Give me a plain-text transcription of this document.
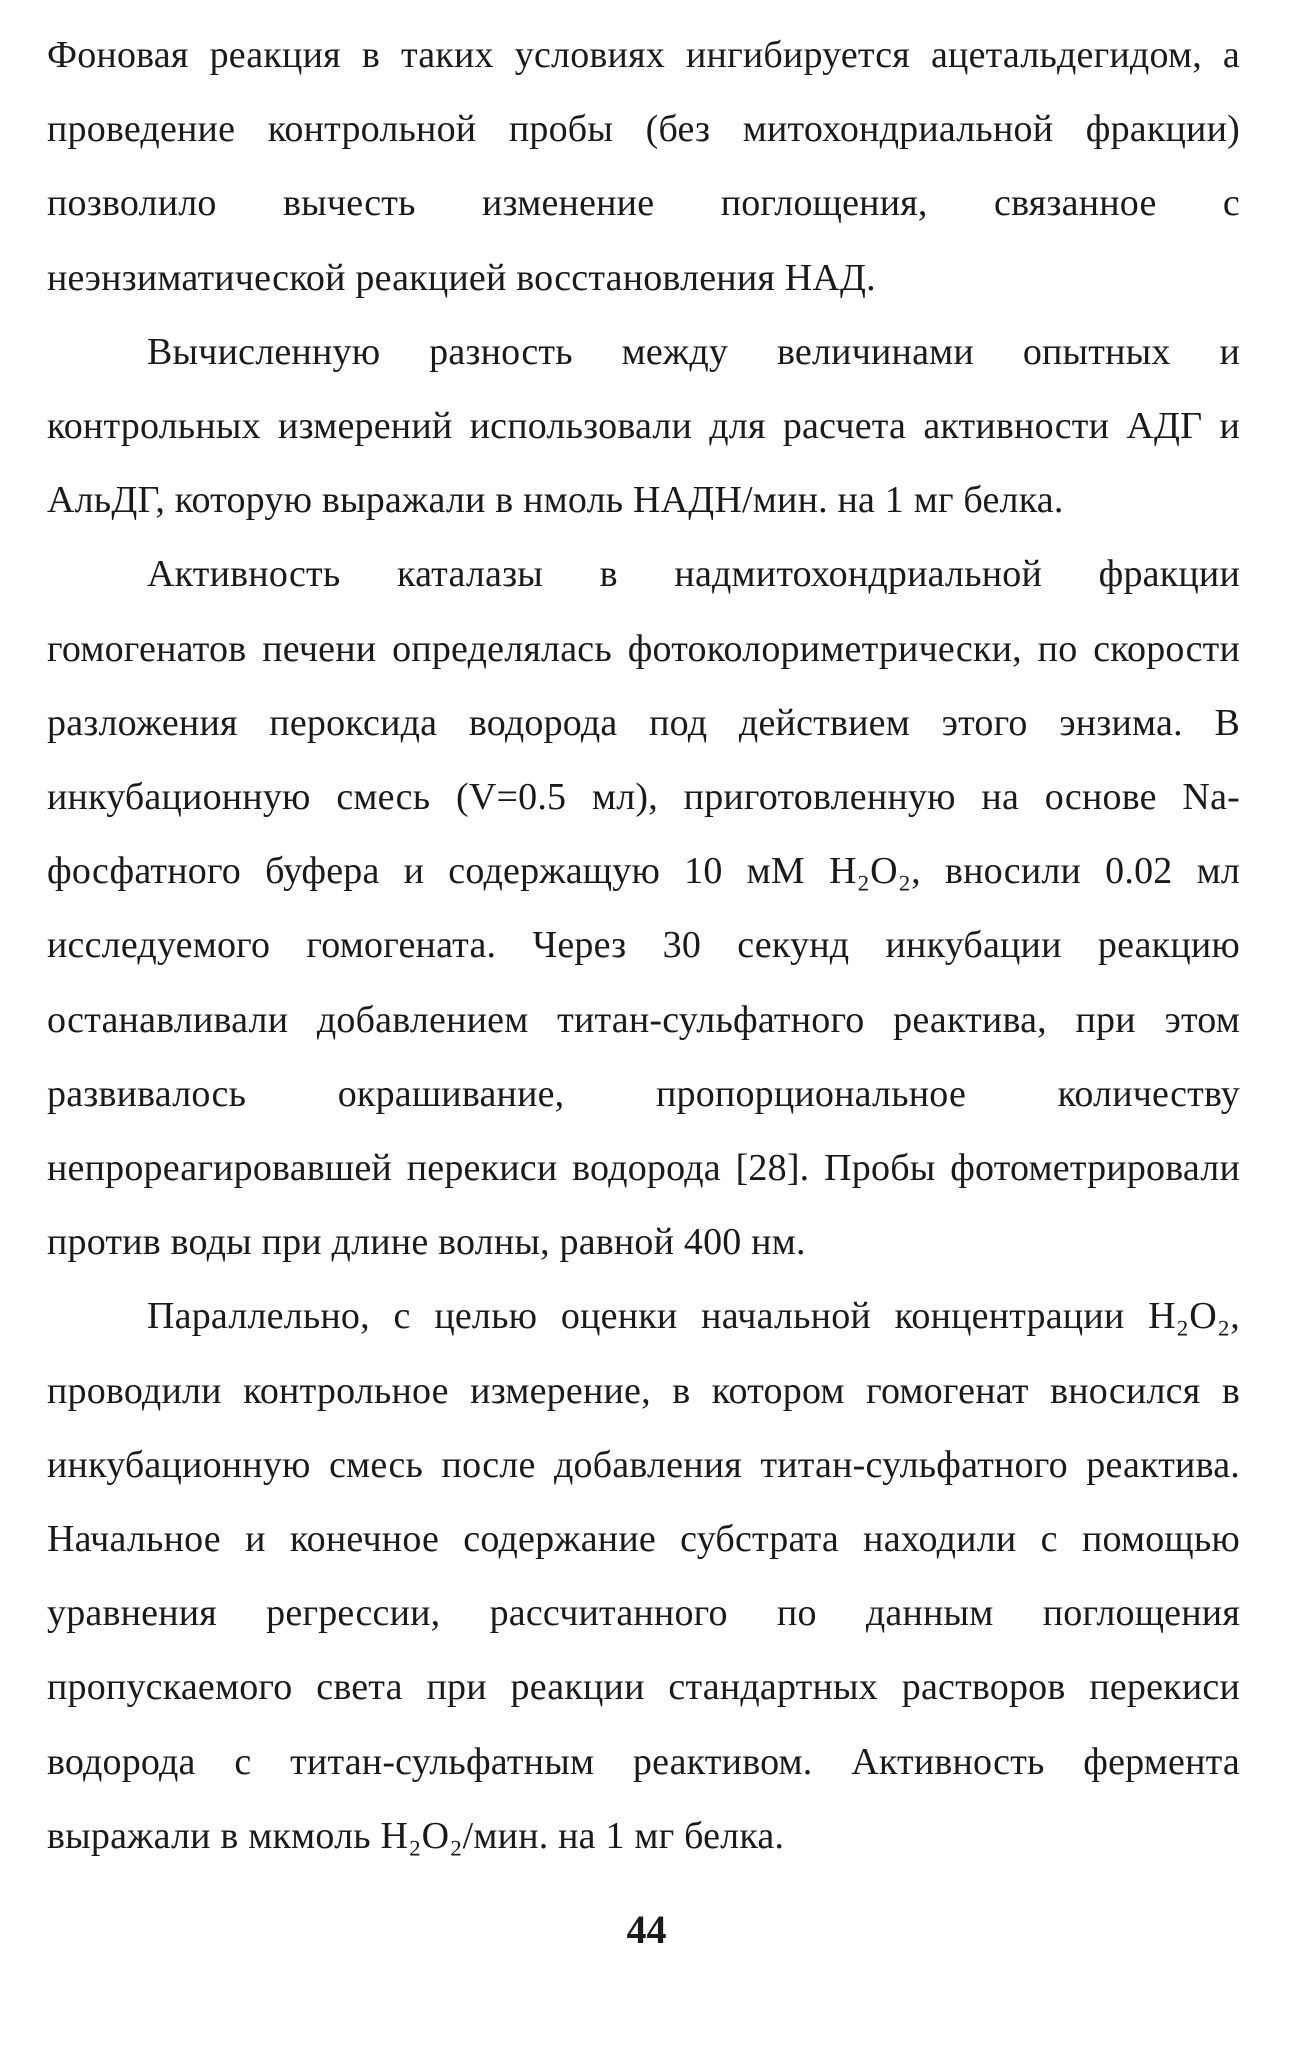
Фоновая реакция в таких условиях ингибируется ацетальдегидом, а проведение контрольной пробы (без митохондриальной фракции) позволило вычесть изменение поглощения, связанное с неэнзиматической реакцией восстановления НАД.

Вычисленную разность между величинами опытных и контрольных измерений использовали для расчета активности АДГ и АльДГ, которую выражали в нмоль НАДН/мин. на 1 мг белка.

Активность каталазы в надмитохондриальной фракции гомогенатов печени определялась фотоколориметрически, по скорости разложения пероксида водорода под действием этого энзима. В инкубационную смесь (V=0.5 мл), приготовленную на основе Na-фосфатного буфера и содержащую 10 мМ H₂O₂, вносили 0.02 мл исследуемого гомогената. Через 30 секунд инкубации реакцию останавливали добавлением титан-сульфатного реактива, при этом развивалось окрашивание, пропорциональное количеству непрореагировавшей перекиси водорода [28]. Пробы фотометрировали против воды при длине волны, равной 400 нм.

Параллельно, с целью оценки начальной концентрации H₂O₂, проводили контрольное измерение, в котором гомогенат вносился в инкубационную смесь после добавления титан-сульфатного реактива. Начальное и конечное содержание субстрата находили с помощью уравнения регрессии, рассчитанного по данным поглощения пропускаемого света при реакции стандартных растворов перекиси водорода с титан-сульфатным реактивом. Активность фермента выражали в мкмоль H₂O₂/мин. на 1 мг белка.

44
